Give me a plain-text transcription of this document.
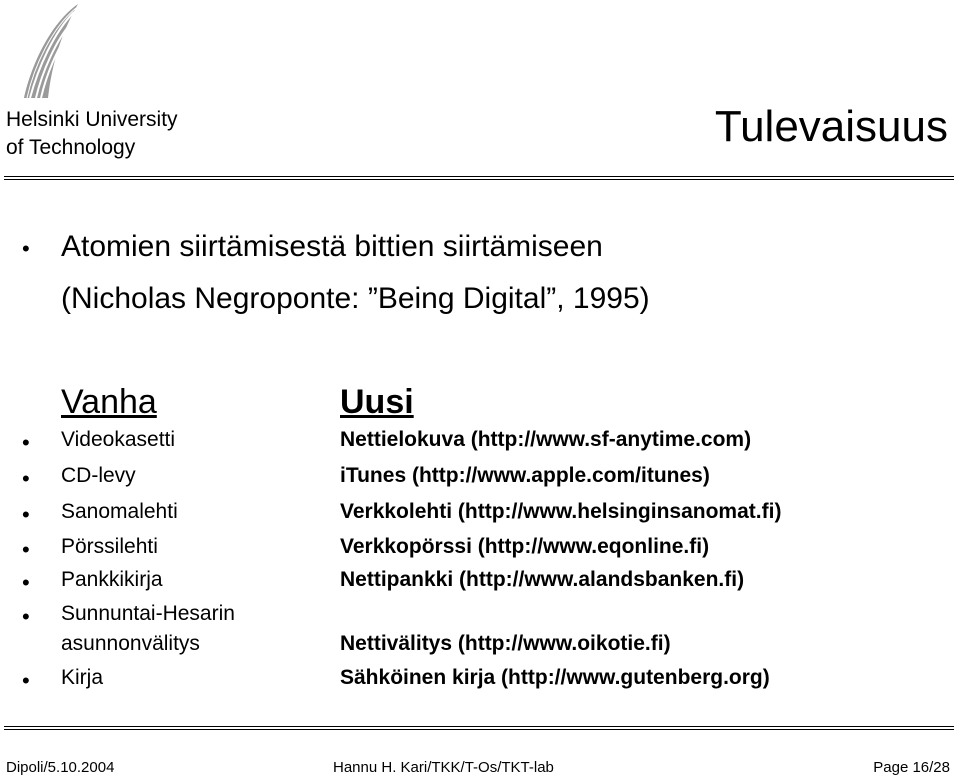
Helsinki University
of Technology	Tulevaisuus
• Atomien siirtämisestä bittien siirtämiseen
(Nicholas Negroponte: ”Being Digital”, 1995)
Vanha	Uusi
• Videokasetti	Nettielokuva (http://www.sf-anytime.com)
• CD-levy	iTunes (http://www.apple.com/itunes)
• Sanomalehti	Verkkolehti (http://www.helsinginsanomat.fi)
• Pörssilehti	Verkkopörssi (http://www.eqonline.fi)
• Pankkikirja	Nettipankki (http://www.alandsbanken.fi)
• Sunnuntai-Hesarin
asunnonvälitys	Nettivälitys (http://www.oikotie.fi)
• Kirja	Sähköinen kirja (http://www.gutenberg.org)
Dipoli/5.10.2004	Hannu H. Kari/TKK/T-Os/TKT-lab	Page 16/28
